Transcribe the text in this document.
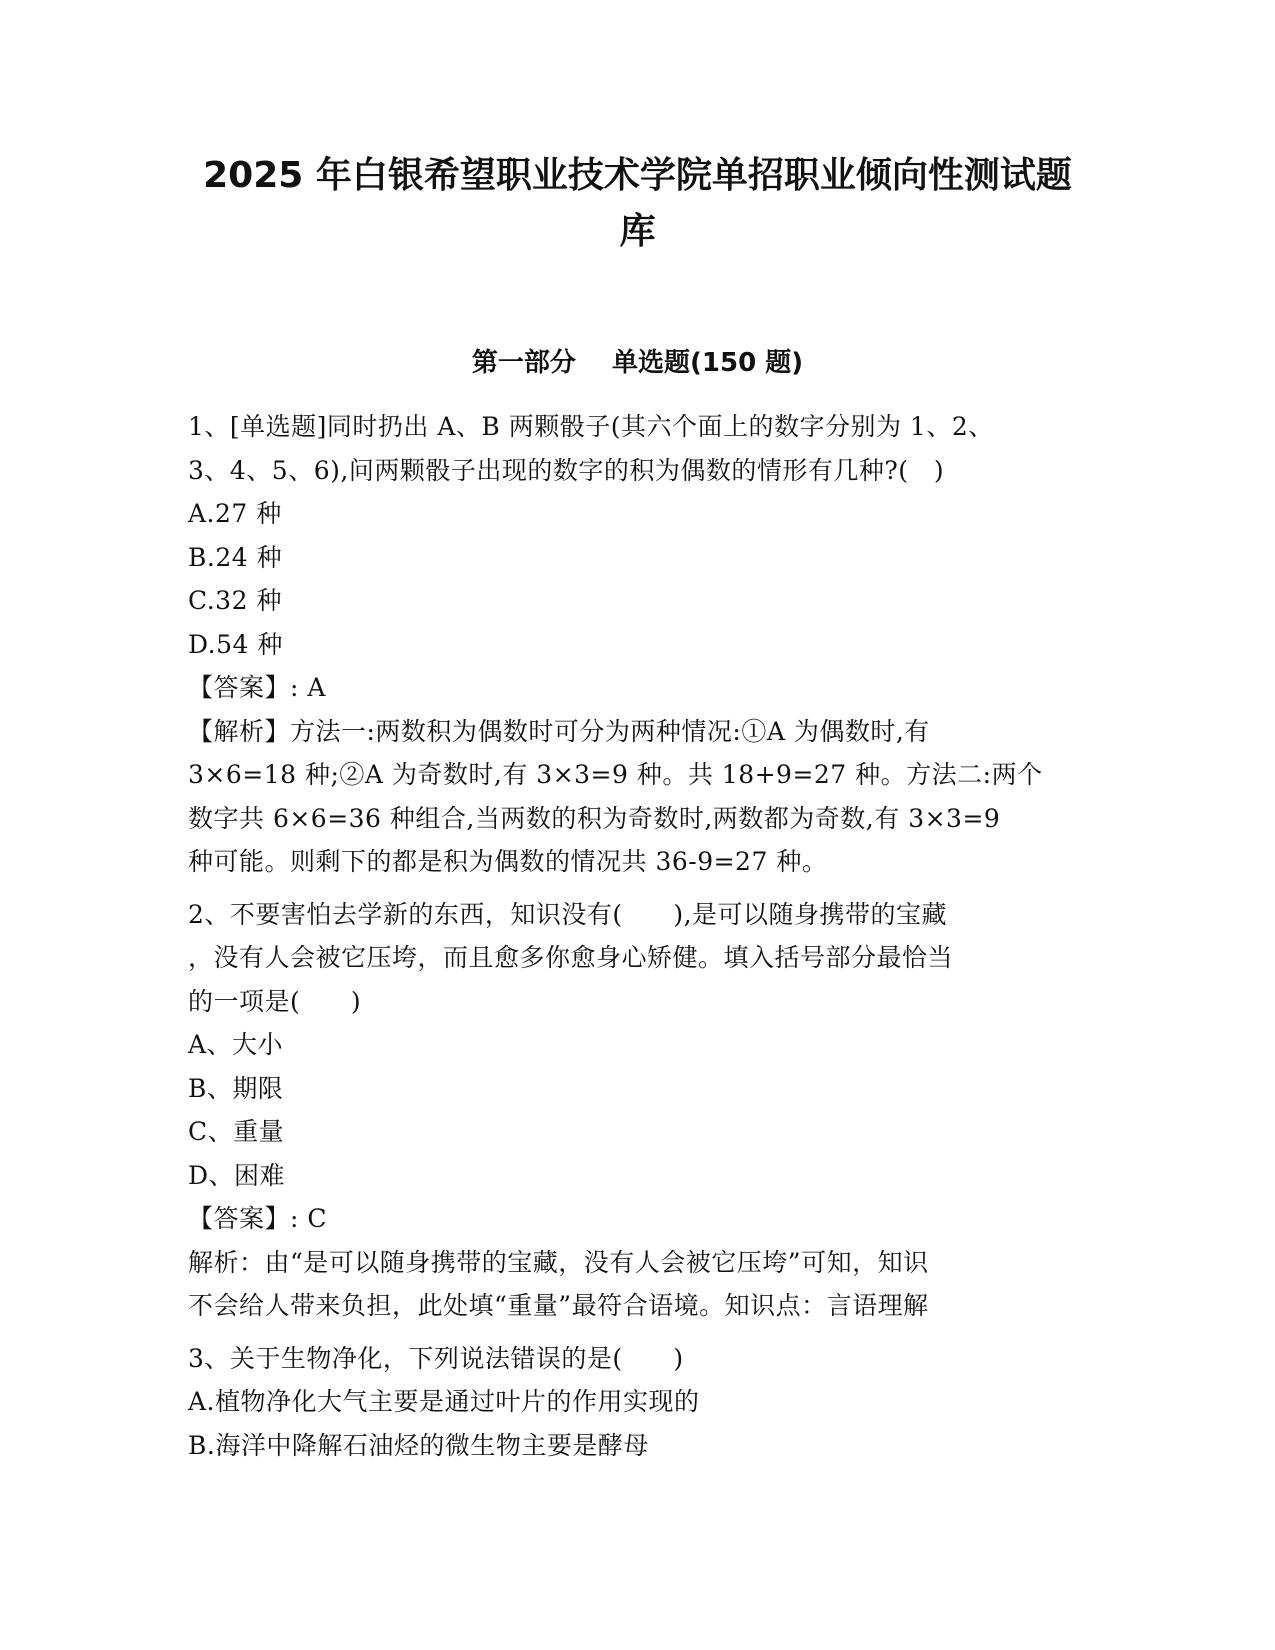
2025 年白银希望职业技术学院单招职业倾向性测试题
库
第一部分    单选题(150 题)
1、[单选题]同时扔出 A、B 两颗骰子(其六个面上的数字分别为 1、2、
3、4、5、6),问两颗骰子出现的数字的积为偶数的情形有几种?(   )
A.27 种
B.24 种
C.32 种
D.54 种
【答案】: A
【解析】方法一:两数积为偶数时可分为两种情况:①A 为偶数时,有
3×6=18 种;②A 为奇数时,有 3×3=9 种。共 18+9=27 种。方法二:两个
数字共 6×6=36 种组合,当两数的积为奇数时,两数都为奇数,有 3×3=9
种可能。则剩下的都是积为偶数的情况共 36-9=27 种。
2、不要害怕去学新的东西，知识没有(      ),是可以随身携带的宝藏
，没有人会被它压垮，而且愈多你愈身心矫健。填入括号部分最恰当
的一项是(      )
A、大小
B、期限
C、重量
D、困难
【答案】: C
解析：由“是可以随身携带的宝藏，没有人会被它压垮”可知，知识
不会给人带来负担，此处填“重量”最符合语境。知识点：言语理解
3、关于生物净化，下列说法错误的是(      )
A.植物净化大气主要是通过叶片的作用实现的
B.海洋中降解石油烃的微生物主要是酵母
